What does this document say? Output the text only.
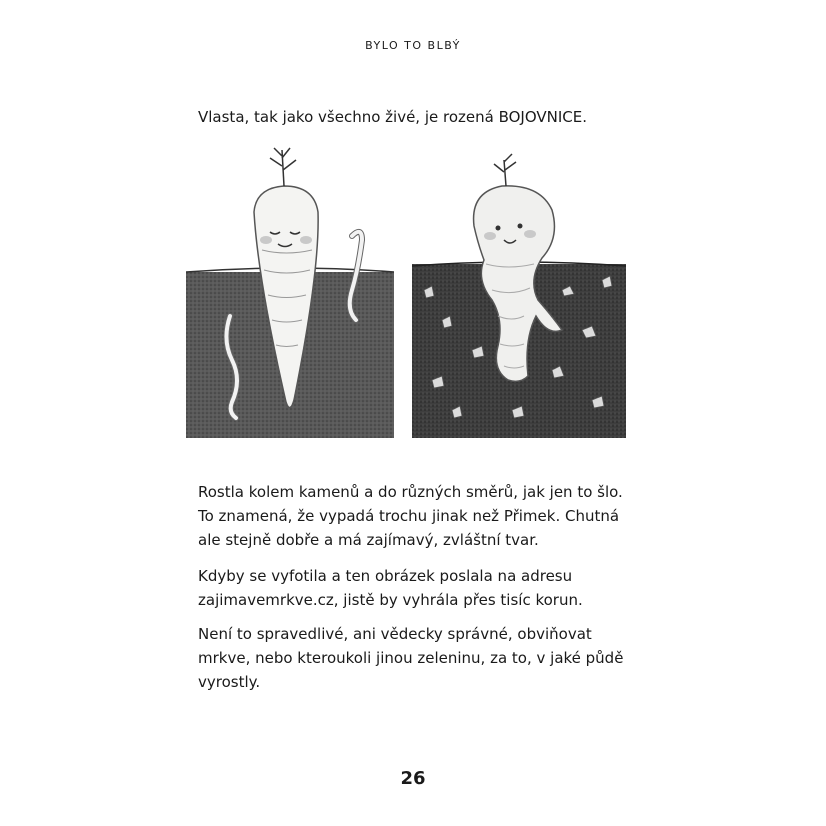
BYLO TO BLBÝ
Vlasta, tak jako všechno živé, je rozená BOJOVNICE.

Rostla kolem kamenů a do různých směrů, jak jen to šlo. To znamená, že vypadá trochu jinak než Přimek. Chutná ale stejně dobře a má zajímavý, zvláštní tvar.

Kdyby se vyfotila a ten obrázek poslala na adresu zajimavemrkve.cz, jistě by vyhrála přes tisíc korun.

Není to spravedlivé, ani vědecky správné, obviňovat mrkve, nebo kteroukoli jinou zeleninu, za to, v jaké půdě vyrostly.

26
